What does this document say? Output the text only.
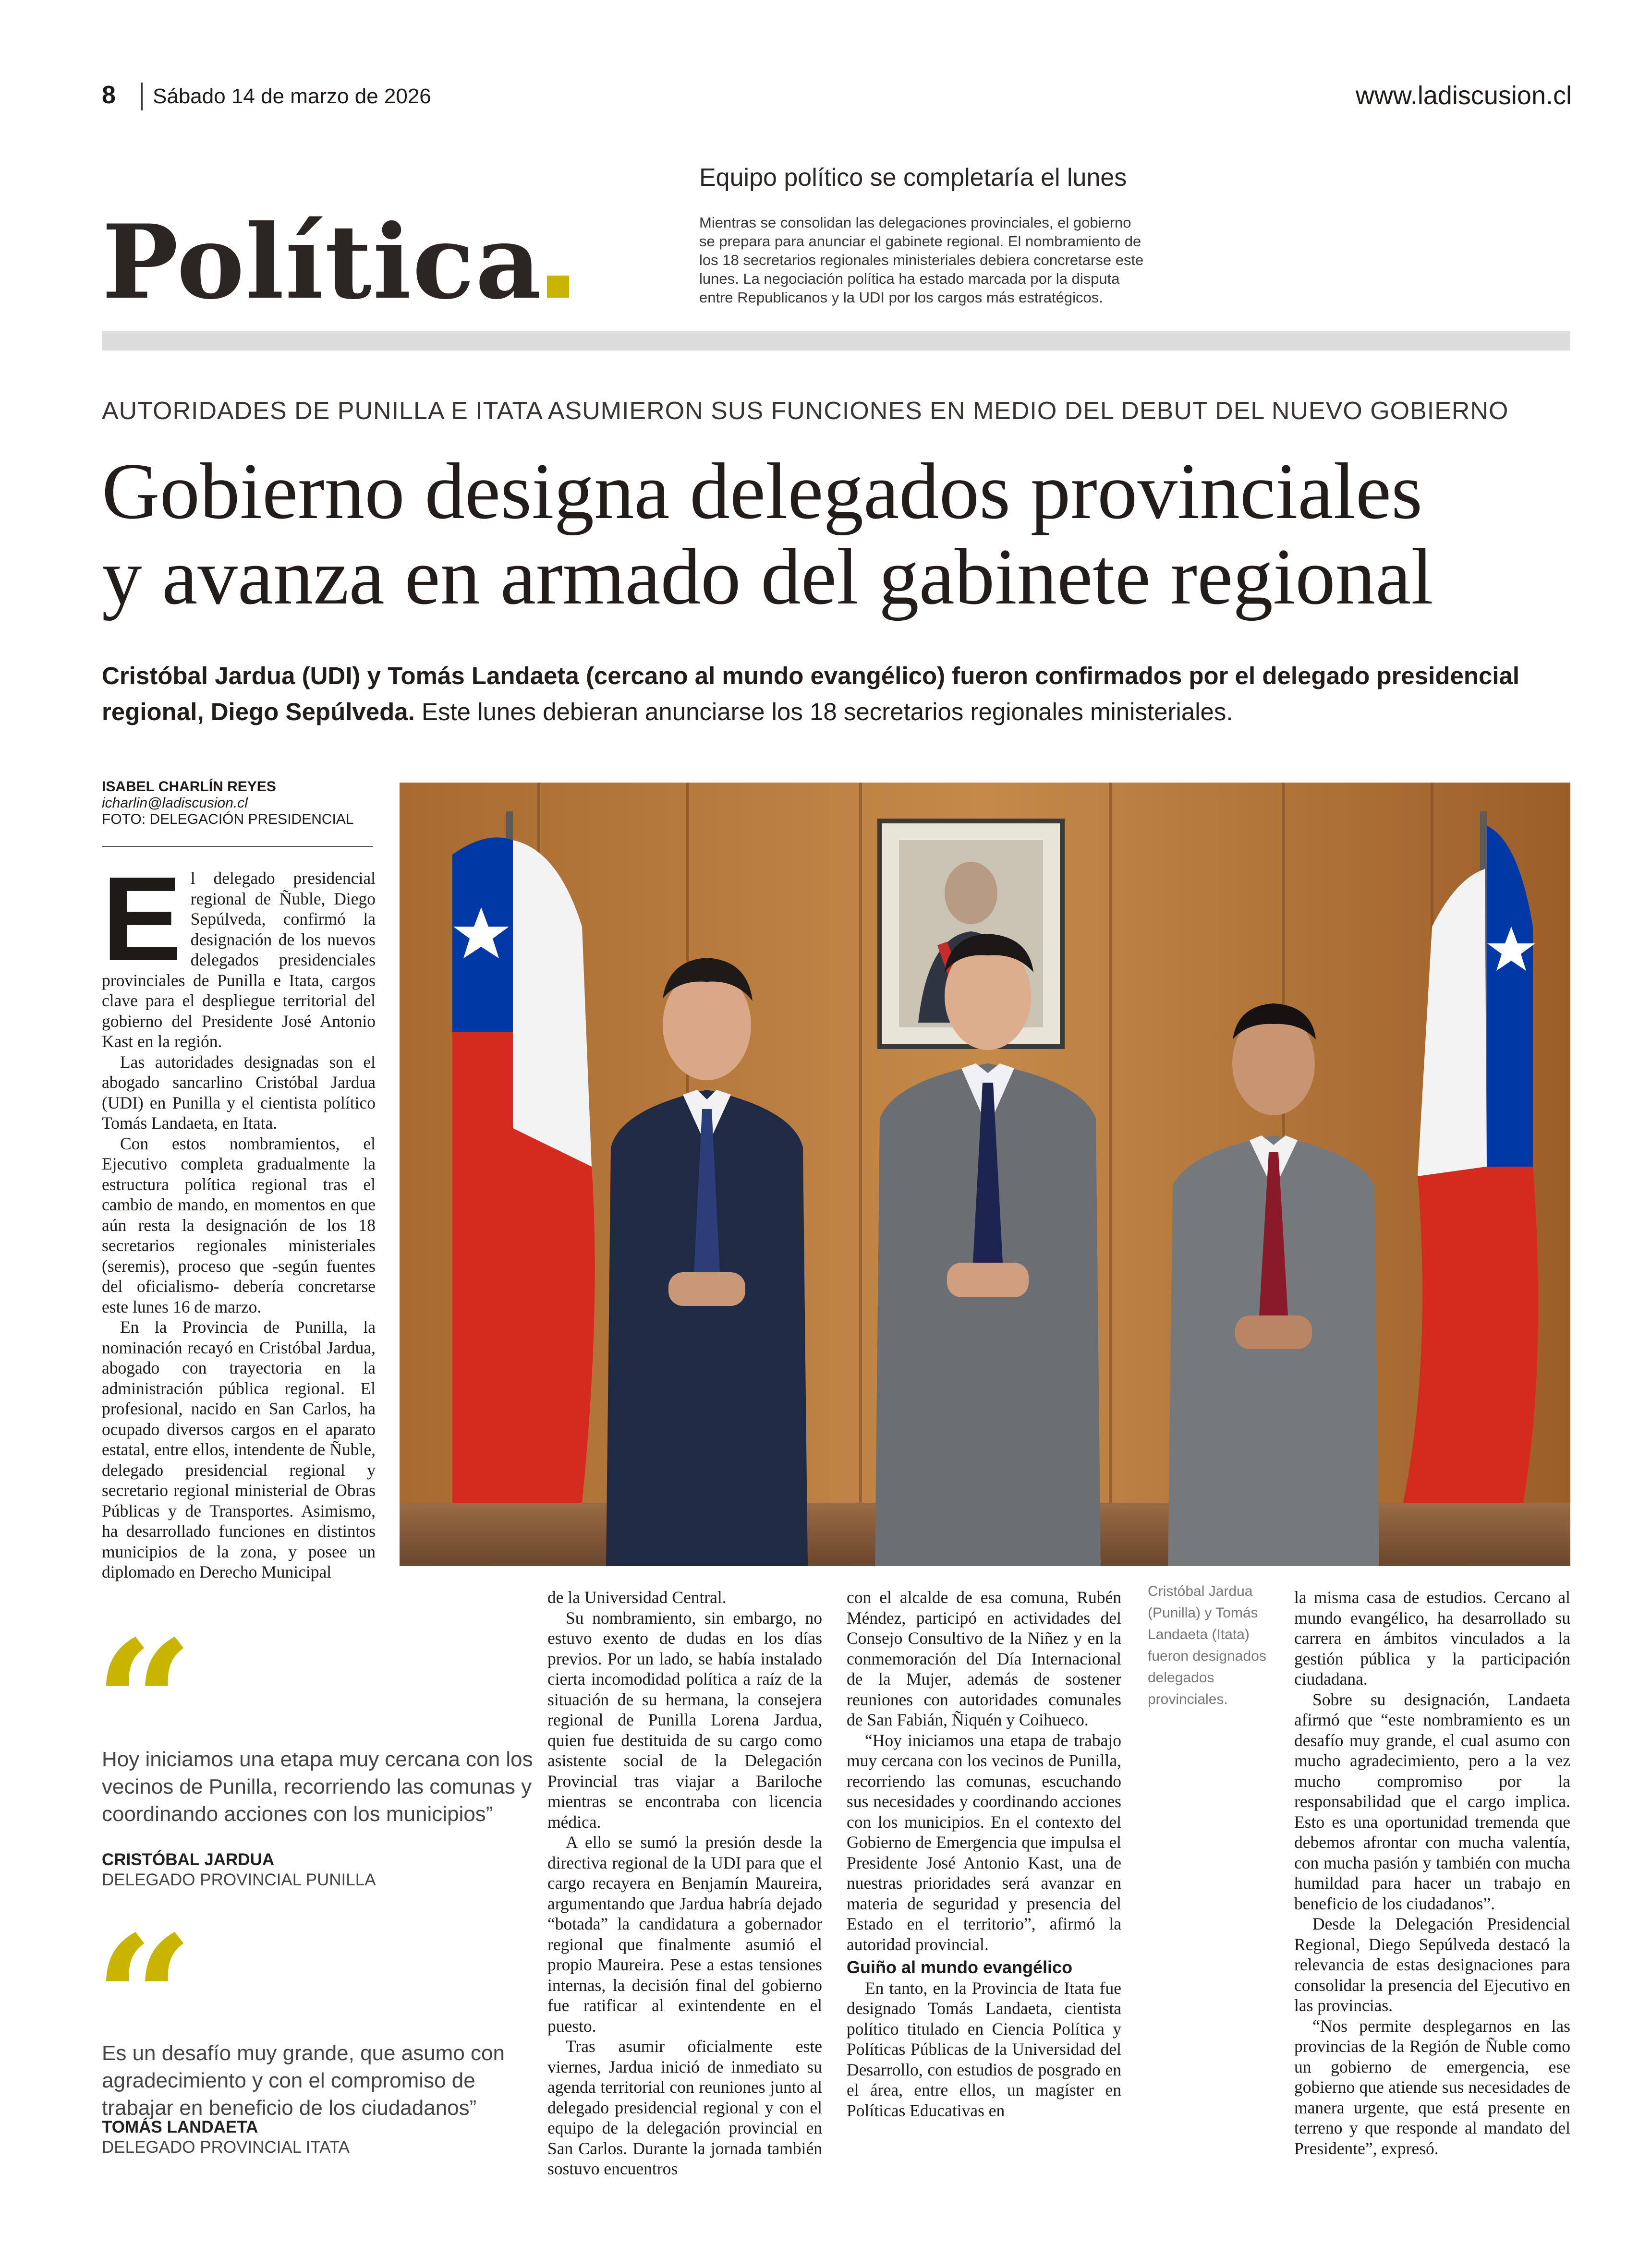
8 Sábado 14 de marzo de 2026	www.ladiscusion.cl
Política
Equipo político se completaría el lunes
Mientras se consolidan las delegaciones provinciales, el gobierno
se prepara para anunciar el gabinete regional. El nombramiento de
los 18 secretarios regionales ministeriales debiera concretarse este
lunes. La negociación política ha estado marcada por la disputa
entre Republicanos y la UDI por los cargos más estratégicos.
AUTORIDADES DE PUNILLA E ITATA ASUMIERON SUS FUNCIONES EN MEDIO DEL DEBUT DEL NUEVO GOBIERNO
Gobierno designa delegados provinciales
y avanza en armado del gabinete regional
Cristóbal Jardua (UDI) y Tomás Landaeta (cercano al mundo evangélico) fueron confirmados por el delegado presidencial regional, Diego Sepúlveda. Este lunes debieran anunciarse los 18 secretarios regionales ministeriales.
ISABEL CHARLÍN REYES
icharlin@ladiscusion.cl
FOTO: DELEGACIÓN PRESIDENCIAL

El delegado presidencial regional de Ñuble, Diego Sepúlveda, confirmó la designación de los nuevos delegados presidenciales provinciales de Punilla e Itata, cargos clave para el despliegue territorial del gobierno del Presidente José Antonio Kast en la región.

Las autoridades designadas son el abogado sancarlino Cristóbal Jardua (UDI) en Punilla y el cientista político Tomás Landaeta, en Itata.

Con estos nombramientos, el Ejecutivo completa gradualmente la estructura política regional tras el cambio de mando, en momentos en que aún resta la designación de los 18 secretarios regionales ministeriales (seremis), proceso que -según fuentes del oficialismo- debería concretarse este lunes 16 de marzo.

En la Provincia de Punilla, la nominación recayó en Cristóbal Jardua, abogado con trayectoria en la administración pública regional. El profesional, nacido en San Carlos, ha ocupado diversos cargos en el aparato estatal, entre ellos, intendente de Ñuble, delegado presidencial regional y secretario regional ministerial de Obras Públicas y de Transportes. Asimismo, ha desarrollado funciones en distintos municipios de la zona, y posee un diplomado en Derecho Municipal

“
Hoy iniciamos una etapa muy cercana con los vecinos de Punilla, recorriendo las comunas y coordinando acciones con los municipios”
CRISTÓBAL JARDUA
DELEGADO PROVINCIAL PUNILLA
“
Es un desafío muy grande, que asumo con agradecimiento y con el compromiso de trabajar en beneficio de los ciudadanos”
TOMÁS LANDAETA
DELEGADO PROVINCIAL ITATA

de la Universidad Central.

Su nombramiento, sin embargo, no estuvo exento de dudas en los días previos. Por un lado, se había instalado cierta incomodidad política a raíz de la situación de su hermana, la consejera regional de Punilla Lorena Jardua, quien fue destituida de su cargo como asistente social de la Delegación Provincial tras viajar a Bariloche mientras se encontraba con licencia médica.

A ello se sumó la presión desde la directiva regional de la UDI para que el cargo recayera en Benjamín Maureira, argumentando que Jardua habría dejado “botada” la candidatura a gobernador regional que finalmente asumió el propio Maureira. Pese a estas tensiones internas, la decisión final del gobierno fue ratificar al exintendente en el puesto.

Tras asumir oficialmente este viernes, Jardua inició de inmediato su agenda territorial con reuniones junto al delegado presidencial regional y con el equipo de la delegación provincial en San Carlos. Durante la jornada también sostuvo encuentros

con el alcalde de esa comuna, Rubén Méndez, participó en actividades del Consejo Consultivo de la Niñez y en la conmemoración del Día Internacional de la Mujer, además de sostener reuniones con autoridades comunales de San Fabián, Ñiquén y Coihueco.

“Hoy iniciamos una etapa de trabajo muy cercana con los vecinos de Punilla, recorriendo las comunas, escuchando sus necesidades y coordinando acciones con los municipios. En el contexto del Gobierno de Emergencia que impulsa el Presidente José Antonio Kast, una de nuestras prioridades será avanzar en materia de seguridad y presencia del Estado en el territorio”, afirmó la autoridad provincial.

Guiño al mundo evangélico

En tanto, en la Provincia de Itata fue designado Tomás Landaeta, cientista político titulado en Ciencia Política y Políticas Públicas de la Universidad del Desarrollo, con estudios de posgrado en el área, entre ellos, un magíster en Políticas Educativas en

Cristóbal Jardua (Punilla) y Tomás Landaeta (Itata) fueron designados delegados provinciales.

la misma casa de estudios. Cercano al mundo evangélico, ha desarrollado su carrera en ámbitos vinculados a la gestión pública y la participación ciudadana.

Sobre su designación, Landaeta afirmó que “este nombramiento es un desafío muy grande, el cual asumo con mucho agradecimiento, pero a la vez mucho compromiso por la responsabilidad que el cargo implica. Esto es una oportunidad tremenda que debemos afrontar con mucha valentía, con mucha pasión y también con mucha humildad para hacer un trabajo en beneficio de los ciudadanos”.

Desde la Delegación Presidencial Regional, Diego Sepúlveda destacó la relevancia de estas designaciones para consolidar la presencia del Ejecutivo en las provincias.

“Nos permite desplegarnos en las provincias de la Región de Ñuble como un gobierno de emergencia, ese gobierno que atiende sus necesidades de manera urgente, que está presente en terreno y que responde al mandato del Presidente”, expresó.
